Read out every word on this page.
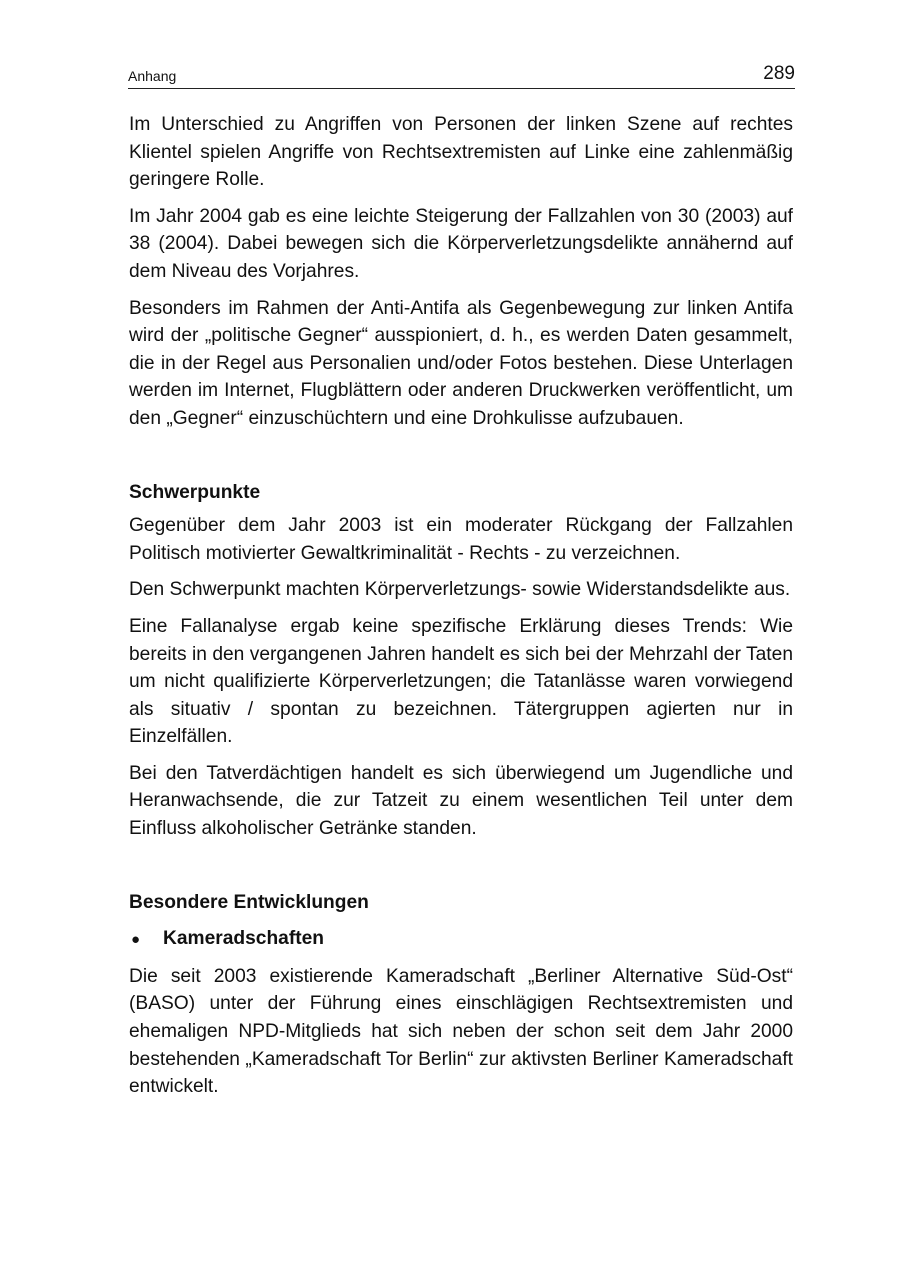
Anhang	289

Im Unterschied zu Angriffen von Personen der linken Szene auf rechtes Klientel spielen Angriffe von Rechtsextremisten auf Linke eine zahlenmäßig geringere Rolle.

Im Jahr 2004 gab es eine leichte Steigerung der Fallzahlen von 30 (2003) auf 38 (2004). Dabei bewegen sich die Körperverletzungsdelikte annähernd auf dem Niveau des Vorjahres.

Besonders im Rahmen der Anti-Antifa als Gegenbewegung zur linken Antifa wird der „politische Gegner“ ausspioniert, d. h., es werden Daten gesammelt, die in der Regel aus Personalien und/oder Fotos bestehen. Diese Unterlagen werden im Internet, Flugblättern oder anderen Druckwerken veröffentlicht, um den „Gegner“ einzuschüchtern und eine Drohkulisse aufzubauen.

Schwerpunkte

Gegenüber dem Jahr 2003 ist ein moderater Rückgang der Fallzahlen Politisch motivierter Gewaltkriminalität - Rechts - zu verzeichnen.

Den Schwerpunkt machten Körperverletzungs- sowie Widerstandsdelikte aus.

Eine Fallanalyse ergab keine spezifische Erklärung dieses Trends: Wie bereits in den vergangenen Jahren handelt es sich bei der Mehrzahl der Taten um nicht qualifizierte Körperverletzungen; die Tatanlässe waren vorwiegend als situativ / spontan zu bezeichnen. Tätergruppen agierten nur in Einzelfällen.

Bei den Tatverdächtigen handelt es sich überwiegend um Jugendliche und Heranwachsende, die zur Tatzeit zu einem wesentlichen Teil unter dem Einfluss alkoholischer Getränke standen.

Besondere Entwicklungen
●	Kameradschaften

Die seit 2003 existierende Kameradschaft „Berliner Alternative Süd-Ost“ (BASO) unter der Führung eines einschlägigen Rechtsextremisten und ehemaligen NPD-Mitglieds hat sich neben der schon seit dem Jahr 2000 bestehenden „Kameradschaft Tor Berlin“ zur aktivsten Berliner Kameradschaft entwickelt.
